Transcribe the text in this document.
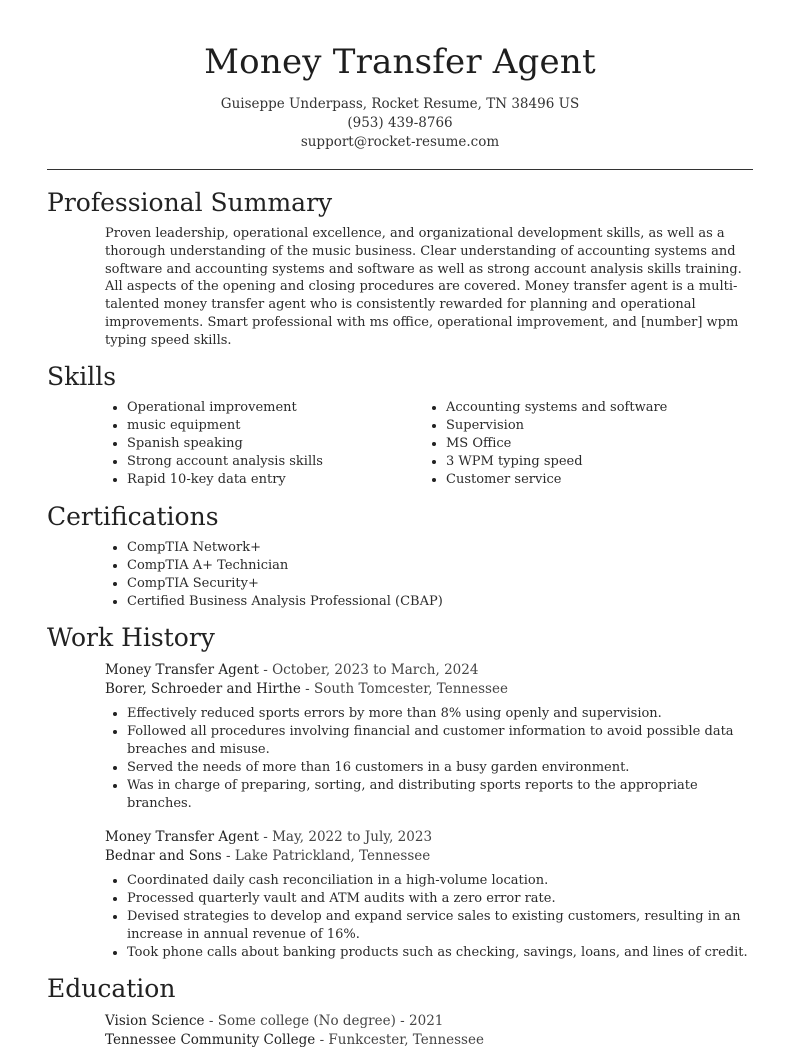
Money Transfer Agent
Guiseppe Underpass, Rocket Resume, TN 38496 US
(953) 439-8766
support@rocket-resume.com
Professional Summary

Proven leadership, operational excellence, and organizational development skills, as well as a thorough understanding of the music business. Clear understanding of accounting systems and software and accounting systems and software as well as strong account analysis skills training. All aspects of the opening and closing procedures are covered. Money transfer agent is a multi-talented money transfer agent who is consistently rewarded for planning and operational improvements. Smart professional with ms office, operational improvement, and [number] wpm typing speed skills.

Skills
Operational improvement
music equipment
Spanish speaking
Strong account analysis skills
Rapid 10-key data entry
Accounting systems and software
Supervision
MS Office
3 WPM typing speed
Customer service
Certifications
CompTIA Network+
CompTIA A+ Technician
CompTIA Security+
Certified Business Analysis Professional (CBAP)
Work History
Money Transfer Agent - October, 2023 to March, 2024
Borer, Schroeder and Hirthe - South Tomcester, Tennessee
Effectively reduced sports errors by more than 8% using openly and supervision.
Followed all procedures involving financial and customer information to avoid possible data breaches and misuse.
Served the needs of more than 16 customers in a busy garden environment.
Was in charge of preparing, sorting, and distributing sports reports to the appropriate branches.
Money Transfer Agent - May, 2022 to July, 2023
Bednar and Sons - Lake Patrickland, Tennessee
Coordinated daily cash reconciliation in a high-volume location.
Processed quarterly vault and ATM audits with a zero error rate.
Devised strategies to develop and expand service sales to existing customers, resulting in an increase in annual revenue of 16%.
Took phone calls about banking products such as checking, savings, loans, and lines of credit.
Education
Vision Science - Some college (No degree) - 2021
Tennessee Community College - Funkcester, Tennessee
